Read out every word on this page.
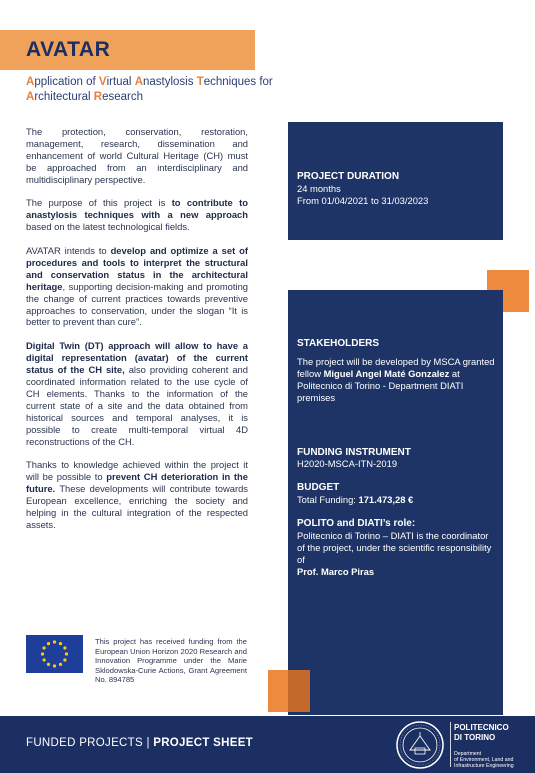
AVATAR
Application of Virtual Anastylosis Techniques for
Architectural Research

The protection, conservation, restoration, management, research, dissemination and enhancement of world Cultural Heritage (CH) must be approached from an interdisciplinary and multidisciplinary perspective.

The purpose of this project is to contribute to anastylosis techniques with a new approach based on the latest technological fields.

AVATAR intends to develop and optimize a set of procedures and tools to interpret the structural and conservation status in the architectural heritage, supporting decision-making and promoting the change of current practices towards preventive approaches to conservation, under the slogan “It is better to prevent than cure”.

Digital Twin (DT) approach will allow to have a digital representation (avatar) of the current status of the CH site, also providing coherent and coordinated information related to the use cycle of CH elements. Thanks to the information of the current state of a site and the data obtained from historical sources and temporal analyses, it is possible to create multi-temporal virtual 4D reconstructions of the CH.

Thanks to knowledge achieved within the project it will be possible to prevent CH deterioration in the future. These developments will contribute towards European excellence, enriching the society and helping in the cultural integration of the respected assets.

PROJECT DURATION
24 months
From 01/04/2021 to 31/03/2023
STAKEHOLDERS
The project will be developed by MSCA granted fellow Miguel Angel Maté Gonzalez at Politecnico di Torino - Department DIATI premises
FUNDING INSTRUMENT
H2020-MSCA-ITN-2019
BUDGET
Total Funding: 171.473,28 €
POLITO and DIATI’s role:
Politecnico di Torino – DIATI is the coordinator of the project, under the scientific responsibility of
Prof. Marco Piras
This project has received funding from the European Union Horizon 2020 Research and Innovation Programme under the Marie Sklodowska-Curie Actions, Grant Agreement No. 894785
FUNDED PROJECTS | PROJECT SHEET
POLITECNICO
DI TORINO
Department
of Environment, Land and
Infrastructure Engineering
